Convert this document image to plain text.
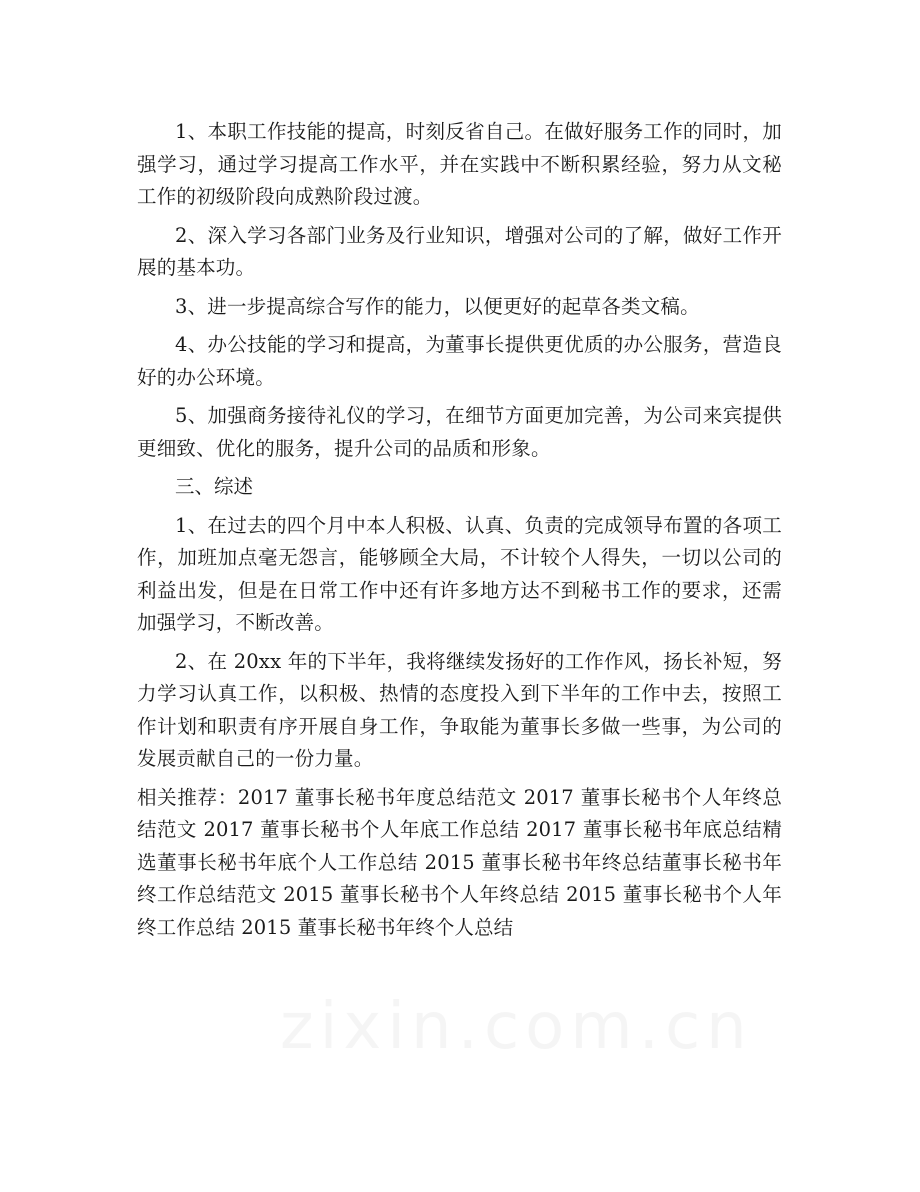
1、本职工作技能的提高，时刻反省自己。在做好服务工作的同时，加强学习，通过学习提高工作水平，并在实践中不断积累经验，努力从文秘工作的初级阶段向成熟阶段过渡。

2、深入学习各部门业务及行业知识，增强对公司的了解，做好工作开展的基本功。

3、进一步提高综合写作的能力，以便更好的起草各类文稿。

4、办公技能的学习和提高，为董事长提供更优质的办公服务，营造良好的办公环境。

5、加强商务接待礼仪的学习，在细节方面更加完善，为公司来宾提供更细致、优化的服务，提升公司的品质和形象。

三、综述

1、在过去的四个月中本人积极、认真、负责的完成领导布置的各项工作，加班加点毫无怨言，能够顾全大局，不计较个人得失，一切以公司的利益出发，但是在日常工作中还有许多地方达不到秘书工作的要求，还需加强学习，不断改善。

2、在 20xx 年的下半年，我将继续发扬好的工作作风，扬长补短，努力学习认真工作，以积极、热情的态度投入到下半年的工作中去，按照工作计划和职责有序开展自身工作，争取能为董事长多做一些事，为公司的发展贡献自己的一份力量。

相关推荐：2017 董事长秘书年度总结范文 2017 董事长秘书个人年终总结范文 2017 董事长秘书个人年底工作总结 2017 董事长秘书年底总结精选董事长秘书年底个人工作总结 2015 董事长秘书年终总结董事长秘书年终工作总结范文 2015 董事长秘书个人年终总结 2015 董事长秘书个人年终工作总结 2015 董事长秘书年终个人总结

zixin.com.cn
